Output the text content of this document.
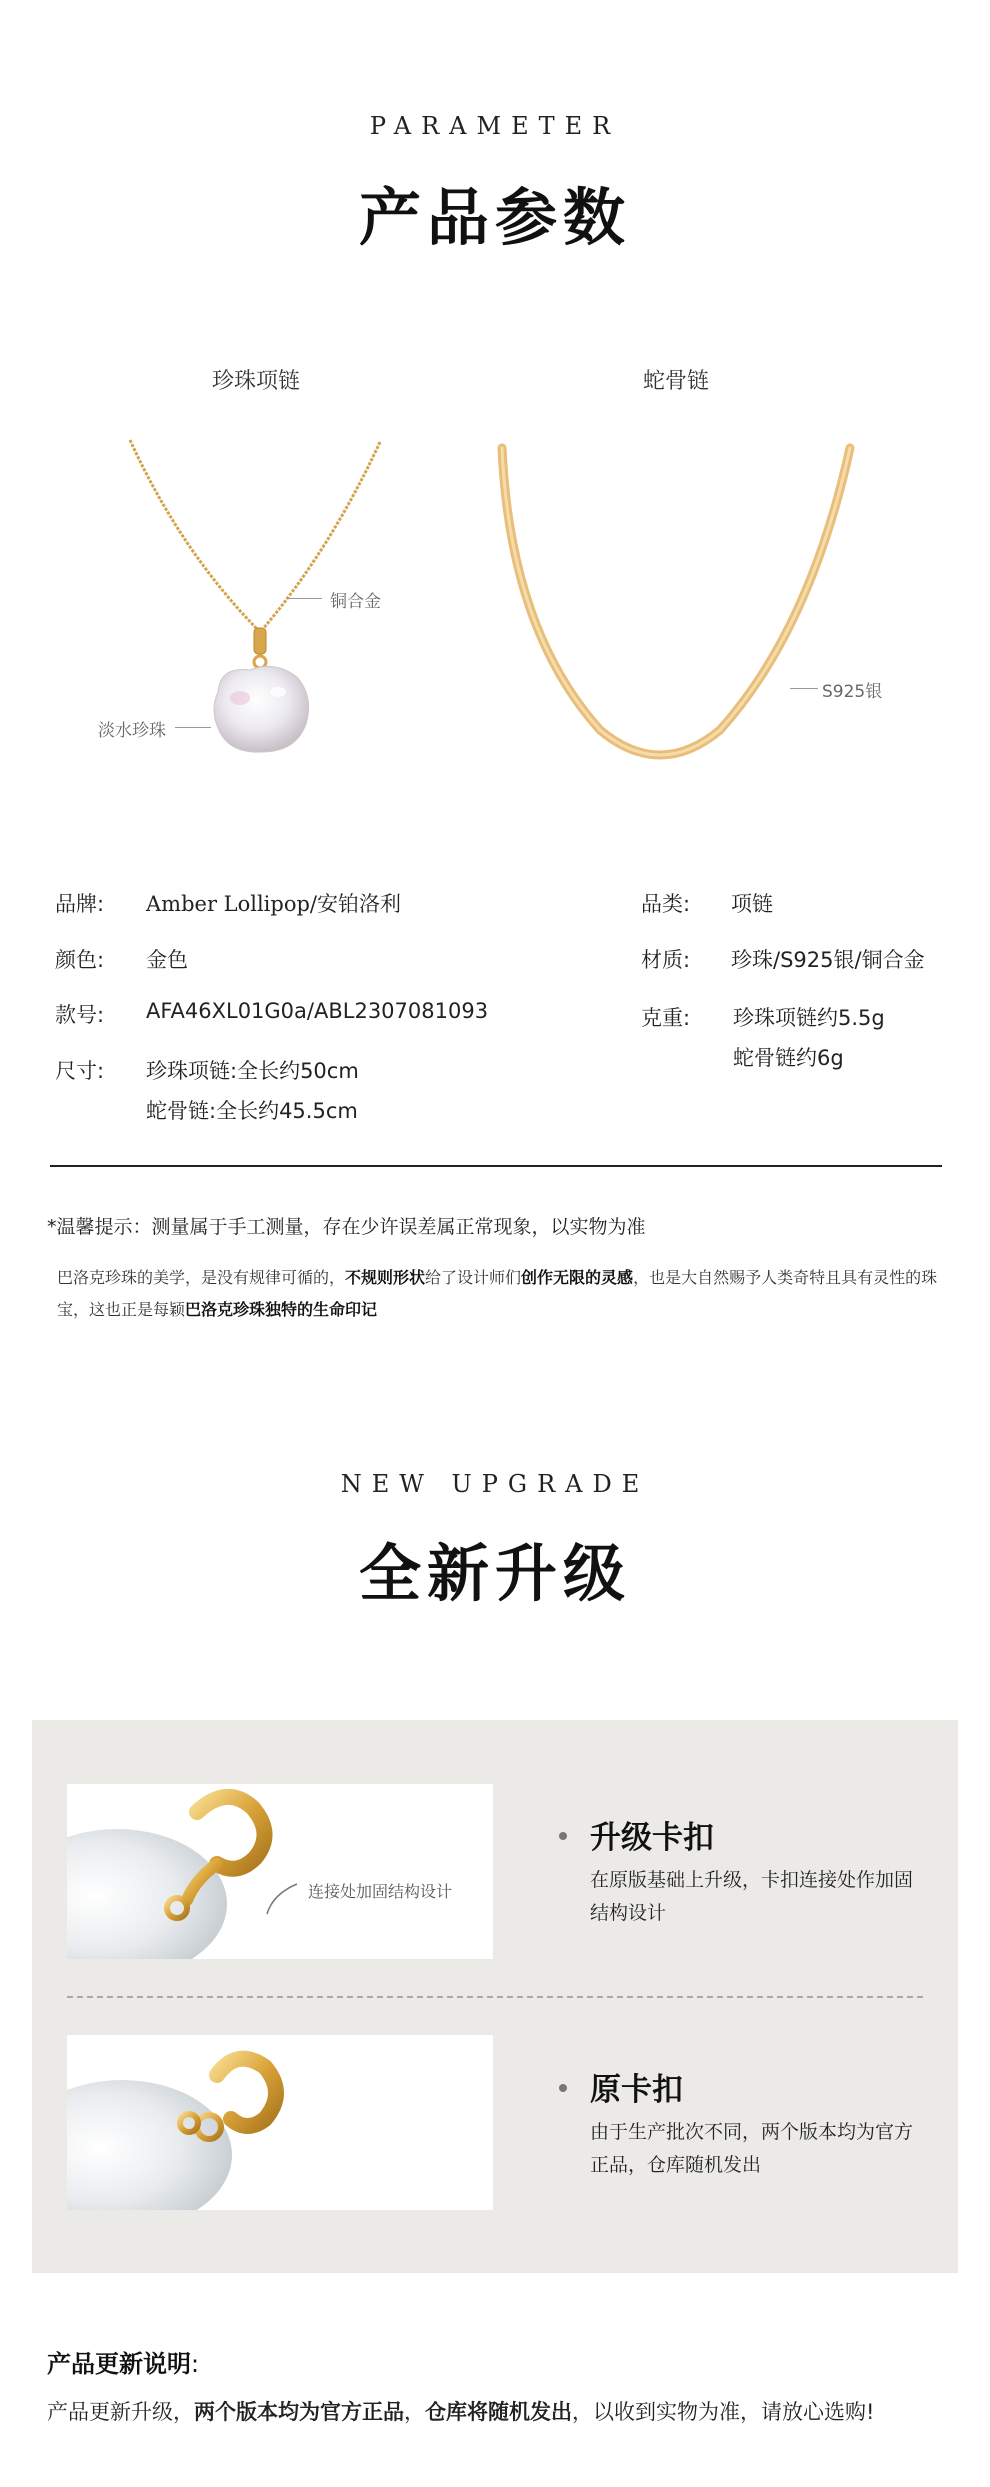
PARAMETER
产品参数
珍珠项链	蛇骨链
铜合金
淡水珍珠
S925银
品牌: Amber Lollipop/安铂洛利	品类: 项链
颜色: 金色	材质: 珍珠/S925银/铜合金
款号: AFA46XL01G0a/ABL2307081093	克重: 珍珠项链约5.5g
蛇骨链约6g
尺寸: 珍珠项链:全长约50cm
蛇骨链:全长约45.5cm
*温馨提示：测量属于手工测量，存在少许误差属正常现象，以实物为准
巴洛克珍珠的美学，是没有规律可循的，不规则形状给了设计师们创作无限的灵感，也是大自然赐予人类奇特且具有灵性的珠宝，这也正是每颖巴洛克珍珠独特的生命印记
NEW UPGRADE
全新升级
连接处加固结构设计
升级卡扣
在原版基础上升级，卡扣连接处作加固结构设计
原卡扣
由于生产批次不同，两个版本均为官方正品，仓库随机发出
产品更新说明:
产品更新升级，两个版本均为官方正品，仓库将随机发出，以收到实物为准，请放心选购!
